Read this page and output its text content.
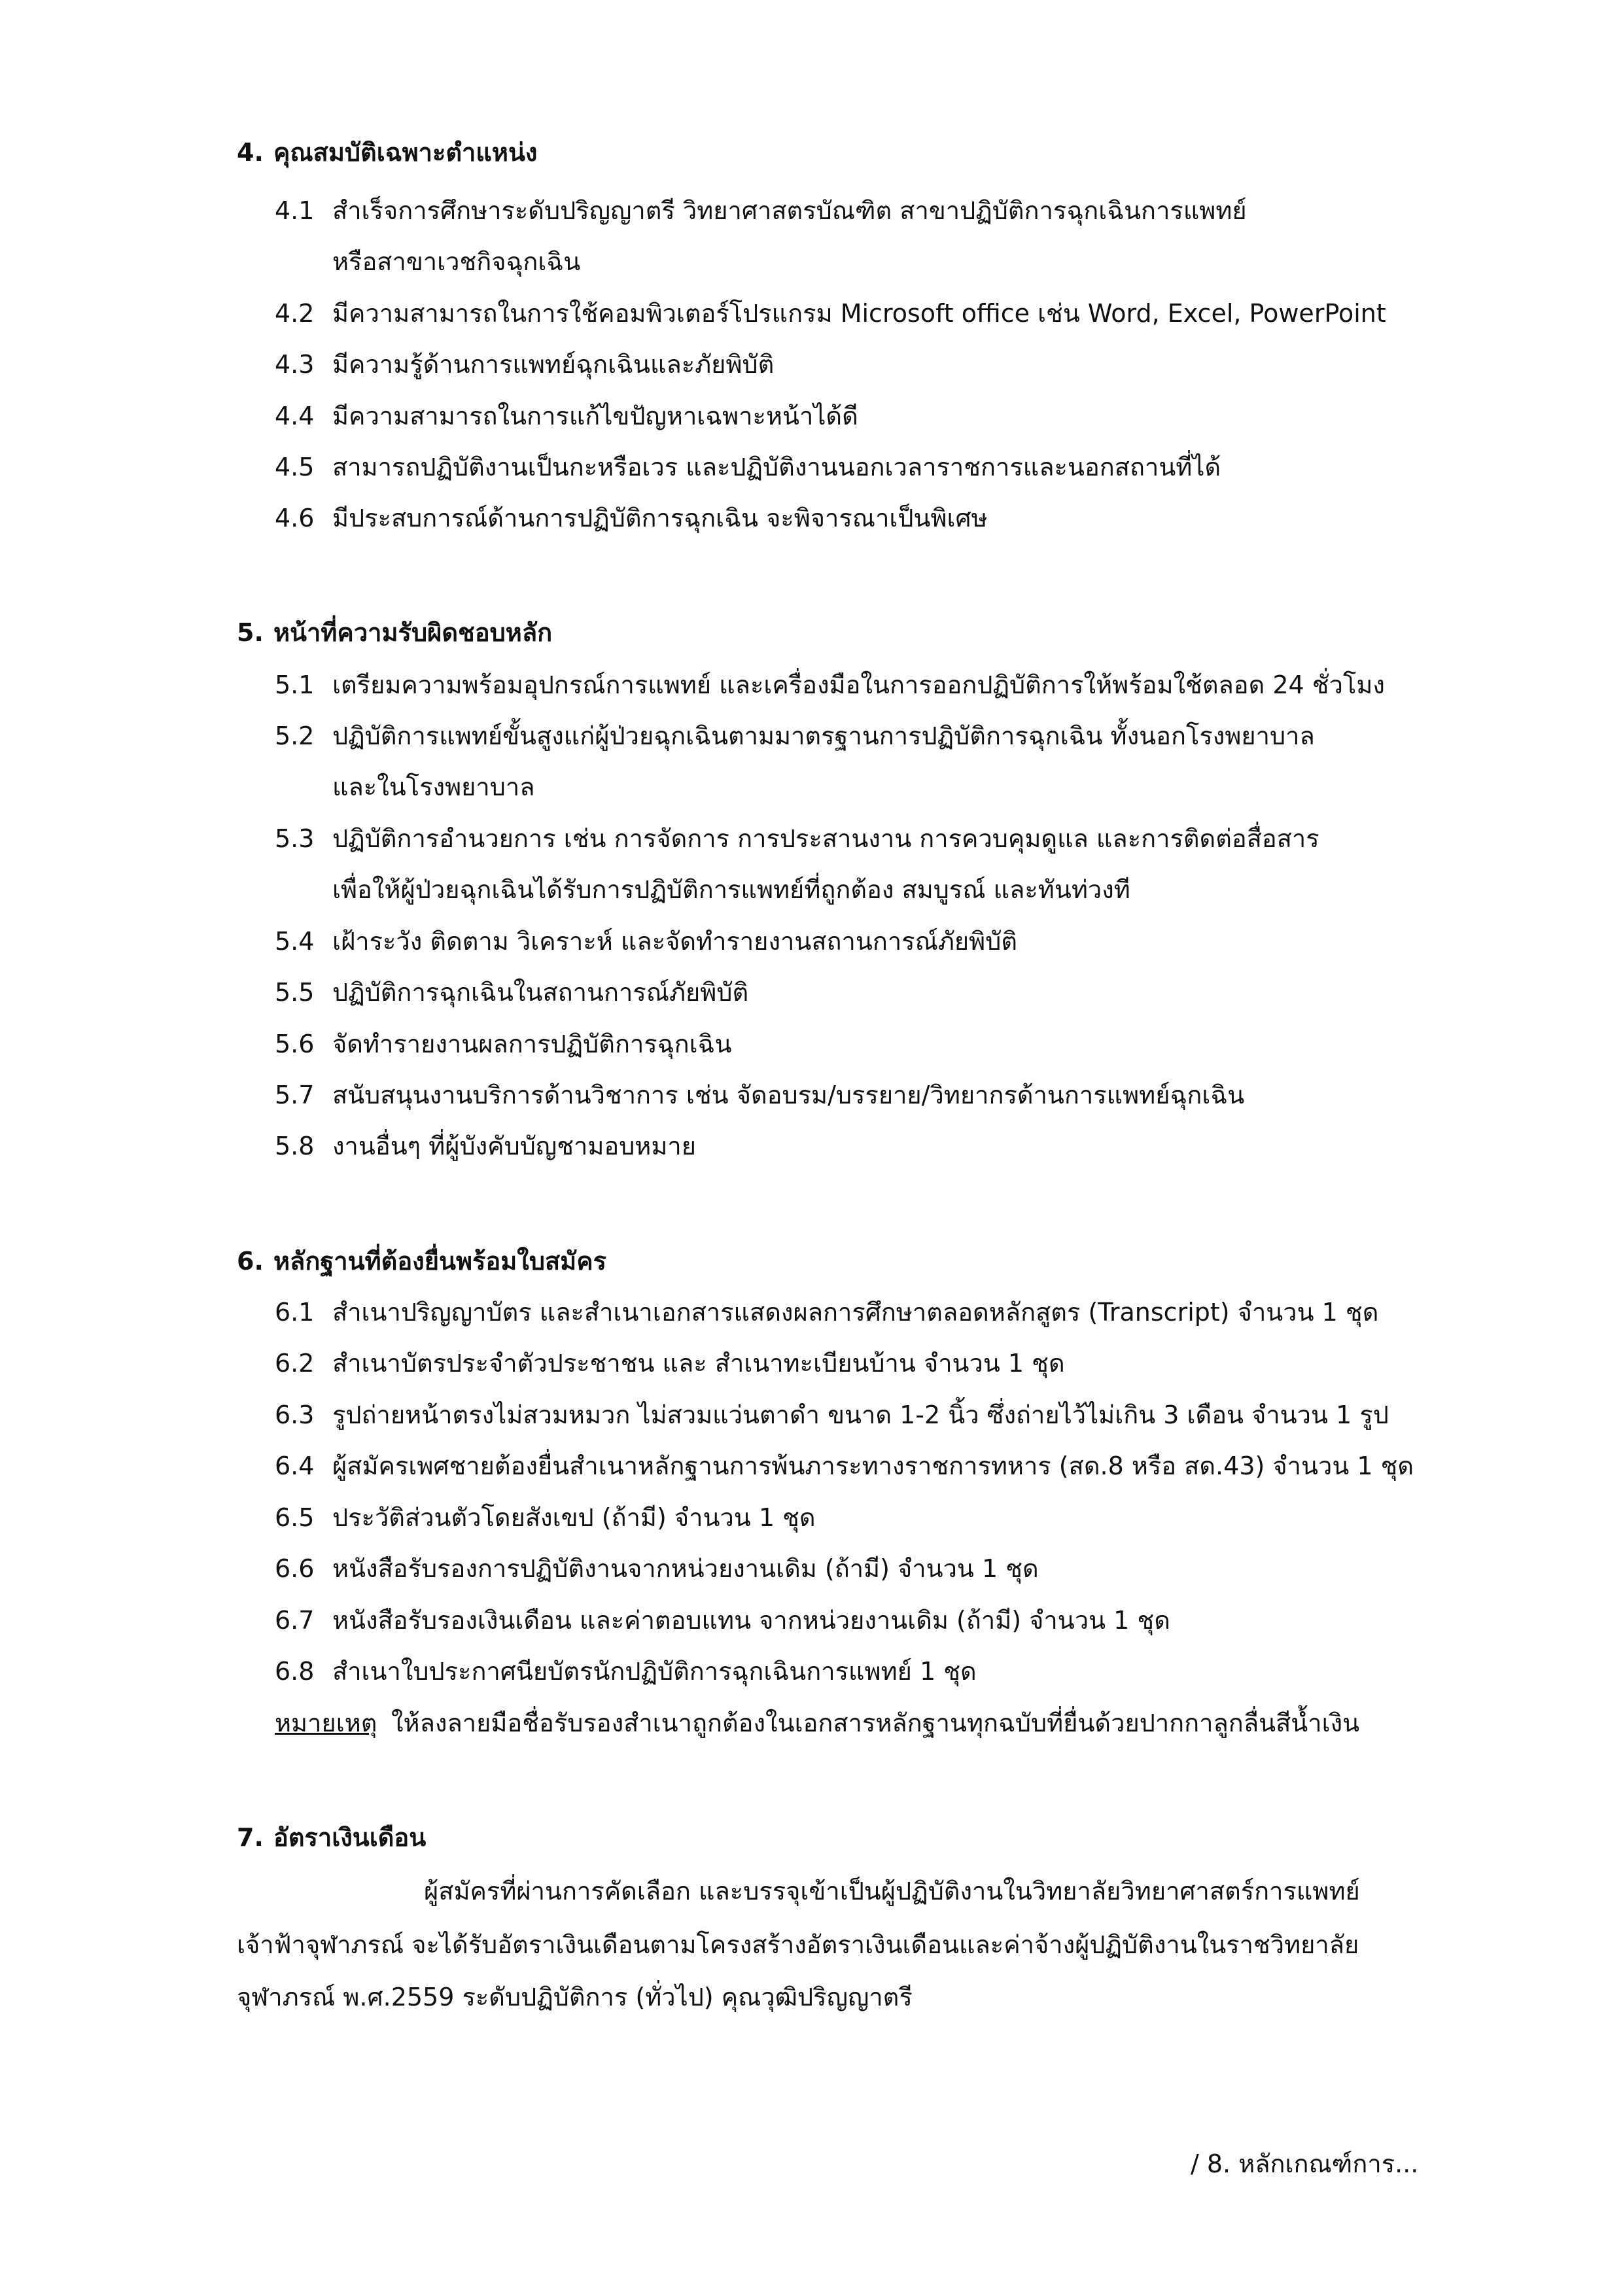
4. คุณสมบัติเฉพาะตำแหน่ง
4.1 สำเร็จการศึกษาระดับปริญญาตรี วิทยาศาสตรบัณฑิต สาขาปฏิบัติการฉุกเฉินการแพทย์
หรือสาขาเวชกิจฉุกเฉิน
4.2 มีความสามารถในการใช้คอมพิวเตอร์โปรแกรม Microsoft office เช่น Word, Excel, PowerPoint
4.3 มีความรู้ด้านการแพทย์ฉุกเฉินและภัยพิบัติ
4.4 มีความสามารถในการแก้ไขปัญหาเฉพาะหน้าได้ดี
4.5 สามารถปฏิบัติงานเป็นกะหรือเวร และปฏิบัติงานนอกเวลาราชการและนอกสถานที่ได้
4.6 มีประสบการณ์ด้านการปฏิบัติการฉุกเฉิน จะพิจารณาเป็นพิเศษ
5. หน้าที่ความรับผิดชอบหลัก
5.1 เตรียมความพร้อมอุปกรณ์การแพทย์ และเครื่องมือในการออกปฏิบัติการให้พร้อมใช้ตลอด 24 ชั่วโมง
5.2 ปฏิบัติการแพทย์ขั้นสูงแก่ผู้ป่วยฉุกเฉินตามมาตรฐานการปฏิบัติการฉุกเฉิน ทั้งนอกโรงพยาบาล
และในโรงพยาบาล
5.3 ปฏิบัติการอำนวยการ เช่น การจัดการ การประสานงาน การควบคุมดูแล และการติดต่อสื่อสาร
เพื่อให้ผู้ป่วยฉุกเฉินได้รับการปฏิบัติการแพทย์ที่ถูกต้อง สมบูรณ์ และทันท่วงที
5.4 เฝ้าระวัง ติดตาม วิเคราะห์ และจัดทำรายงานสถานการณ์ภัยพิบัติ
5.5 ปฏิบัติการฉุกเฉินในสถานการณ์ภัยพิบัติ
5.6 จัดทำรายงานผลการปฏิบัติการฉุกเฉิน
5.7 สนับสนุนงานบริการด้านวิชาการ เช่น จัดอบรม/บรรยาย/วิทยากรด้านการแพทย์ฉุกเฉิน
5.8 งานอื่นๆ ที่ผู้บังคับบัญชามอบหมาย
6. หลักฐานที่ต้องยื่นพร้อมใบสมัคร
6.1 สำเนาปริญญาบัตร และสำเนาเอกสารแสดงผลการศึกษาตลอดหลักสูตร (Transcript) จำนวน 1 ชุด
6.2 สำเนาบัตรประจำตัวประชาชน และ สำเนาทะเบียนบ้าน จำนวน 1 ชุด
6.3 รูปถ่ายหน้าตรงไม่สวมหมวก ไม่สวมแว่นตาดำ ขนาด 1-2 นิ้ว ซึ่งถ่ายไว้ไม่เกิน 3 เดือน จำนวน 1 รูป
6.4 ผู้สมัครเพศชายต้องยื่นสำเนาหลักฐานการพ้นภาระทางราชการทหาร (สด.8 หรือ สด.43) จำนวน 1 ชุด
6.5 ประวัติส่วนตัวโดยสังเขป (ถ้ามี) จำนวน 1 ชุด
6.6 หนังสือรับรองการปฏิบัติงานจากหน่วยงานเดิม (ถ้ามี) จำนวน 1 ชุด
6.7 หนังสือรับรองเงินเดือน และค่าตอบแทน จากหน่วยงานเดิม (ถ้ามี) จำนวน 1 ชุด
6.8 สำเนาใบประกาศนียบัตรนักปฏิบัติการฉุกเฉินการแพทย์ 1 ชุด
หมายเหตุ ให้ลงลายมือชื่อรับรองสำเนาถูกต้องในเอกสารหลักฐานทุกฉบับที่ยื่นด้วยปากกาลูกลื่นสีน้ำเงิน
7. อัตราเงินเดือน
ผู้สมัครที่ผ่านการคัดเลือก และบรรจุเข้าเป็นผู้ปฏิบัติงานในวิทยาลัยวิทยาศาสตร์การแพทย์
เจ้าฟ้าจุฬาภรณ์ จะได้รับอัตราเงินเดือนตามโครงสร้างอัตราเงินเดือนและค่าจ้างผู้ปฏิบัติงานในราชวิทยาลัย
จุฬาภรณ์ พ.ศ.2559 ระดับปฏิบัติการ (ทั่วไป) คุณวุฒิปริญญาตรี
/ 8. หลักเกณฑ์การ...
